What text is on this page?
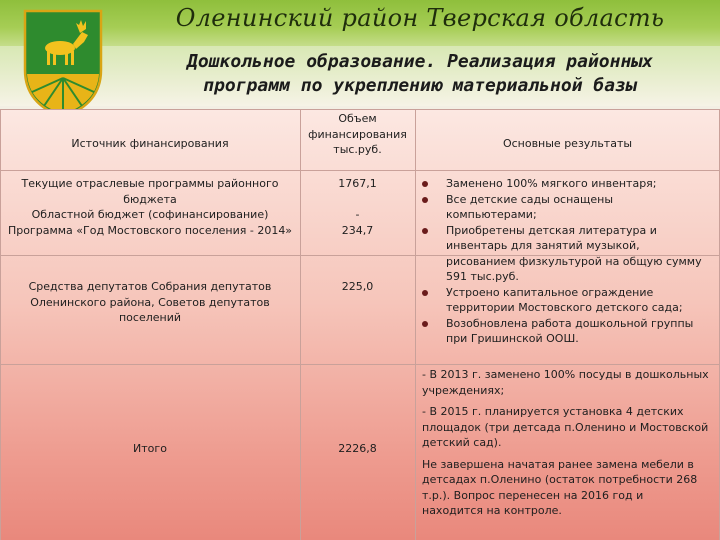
Оленинский район Тверская область
Дошкольное образование. Реализация районных
программ по укреплению материальной базы
Источник финансирования
Объем
финансирования
тыс.руб.	Основные результаты
Текущие отраслевые программы районного
бюджета
Областной бюджет (софинансирование)
Программа «Год Мостовского поселения - 2014»
1767,1
-
234,7
Средства депутатов Собрания депутатов
Оленинского района, Советов депутатов
поселений
225,0
Итого	2226,8
Заменено 100% мягкого инвентаря;
Все детские сады оснащены
компьютерами;
Приобретены детская литература и
инвентарь для занятий музыкой,
рисованием физкультурой на общую сумму
591 тыс.руб.
Устроено капитальное ограждение
территории Мостовского детского сада;
Возобновлена работа дошкольной группы
при Гришинской ООШ.
- В 2013 г. заменено 100% посуды в дошкольных
учреждениях;
- В 2015 г. планируется установка 4 детских
площадок (три детсада п.Оленино и Мостовской
детский сад).
Не завершена начатая ранее замена мебели в
детсадах п.Оленино (остаток потребности 268
т.р.). Вопрос перенесен на 2016 год и
находится на контроле.
